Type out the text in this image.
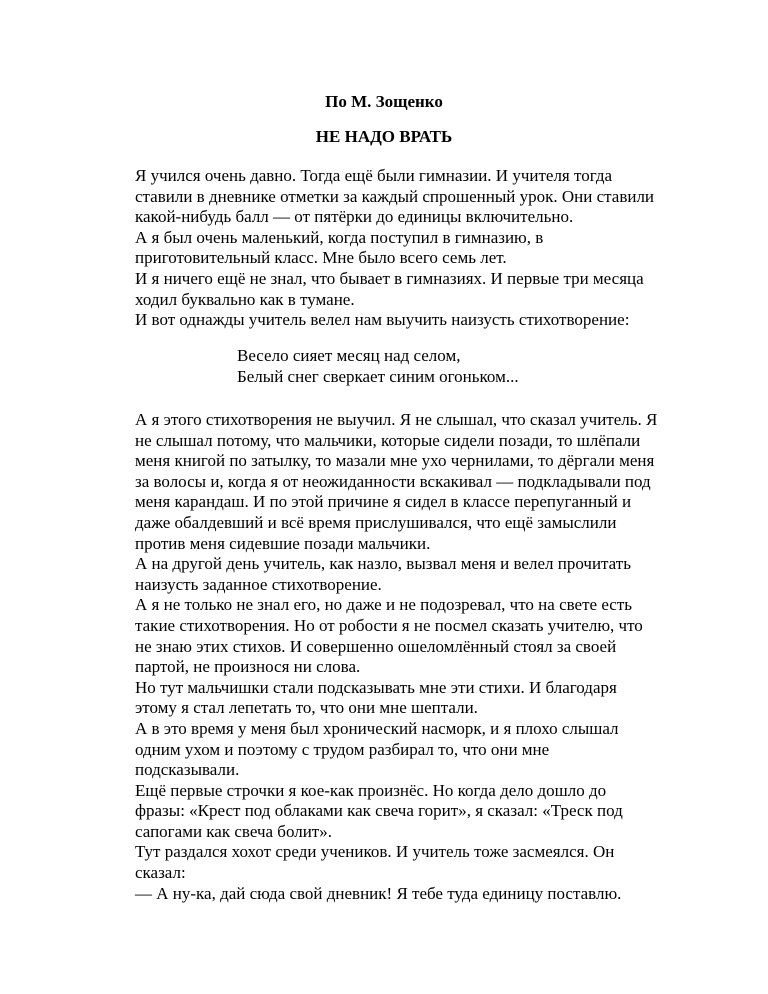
По М. Зощенко
НЕ НАДО ВРАТЬ
Я учился очень давно. Тогда ещё были гимназии. И учителя тогда
ставили в дневнике отметки за каждый спрошенный урок. Они ставили
какой-нибудь балл — от пятёрки до единицы включительно.
А я был очень маленький, когда поступил в гимназию, в
приготовительный класс. Мне было всего семь лет.
И я ничего ещё не знал, что бывает в гимназиях. И первые три месяца
ходил буквально как в тумане.
И вот однажды учитель велел нам выучить наизусть стихотворение:
Весело сияет месяц над селом,
Белый снег сверкает синим огоньком...
А я этого стихотворения не выучил. Я не слышал, что сказал учитель. Я
не слышал потому, что мальчики, которые сидели позади, то шлёпали
меня книгой по затылку, то мазали мне ухо чернилами, то дёргали меня
за волосы и, когда я от неожиданности вскакивал — подкладывали под
меня карандаш. И по этой причине я сидел в классе перепуганный и
даже обалдевший и всё время прислушивался, что ещё замыслили
против меня сидевшие позади мальчики.
А на другой день учитель, как назло, вызвал меня и велел прочитать
наизусть заданное стихотворение.
А я не только не знал его, но даже и не подозревал, что на свете есть
такие стихотворения. Но от робости я не посмел сказать учителю, что
не знаю этих стихов. И совершенно ошеломлённый стоял за своей
партой, не произнося ни слова.
Но тут мальчишки стали подсказывать мне эти стихи. И благодаря
этому я стал лепетать то, что они мне шептали.
А в это время у меня был хронический насморк, и я плохо слышал
одним ухом и поэтому с трудом разбирал то, что они мне
подсказывали.
Ещё первые строчки я кое-как произнёс. Но когда дело дошло до
фразы: «Крест под облаками как свеча горит», я сказал: «Треск под
сапогами как свеча болит».
Тут раздался хохот среди учеников. И учитель тоже засмеялся. Он
сказал:
— А ну-ка, дай сюда свой дневник! Я тебе туда единицу поставлю.
